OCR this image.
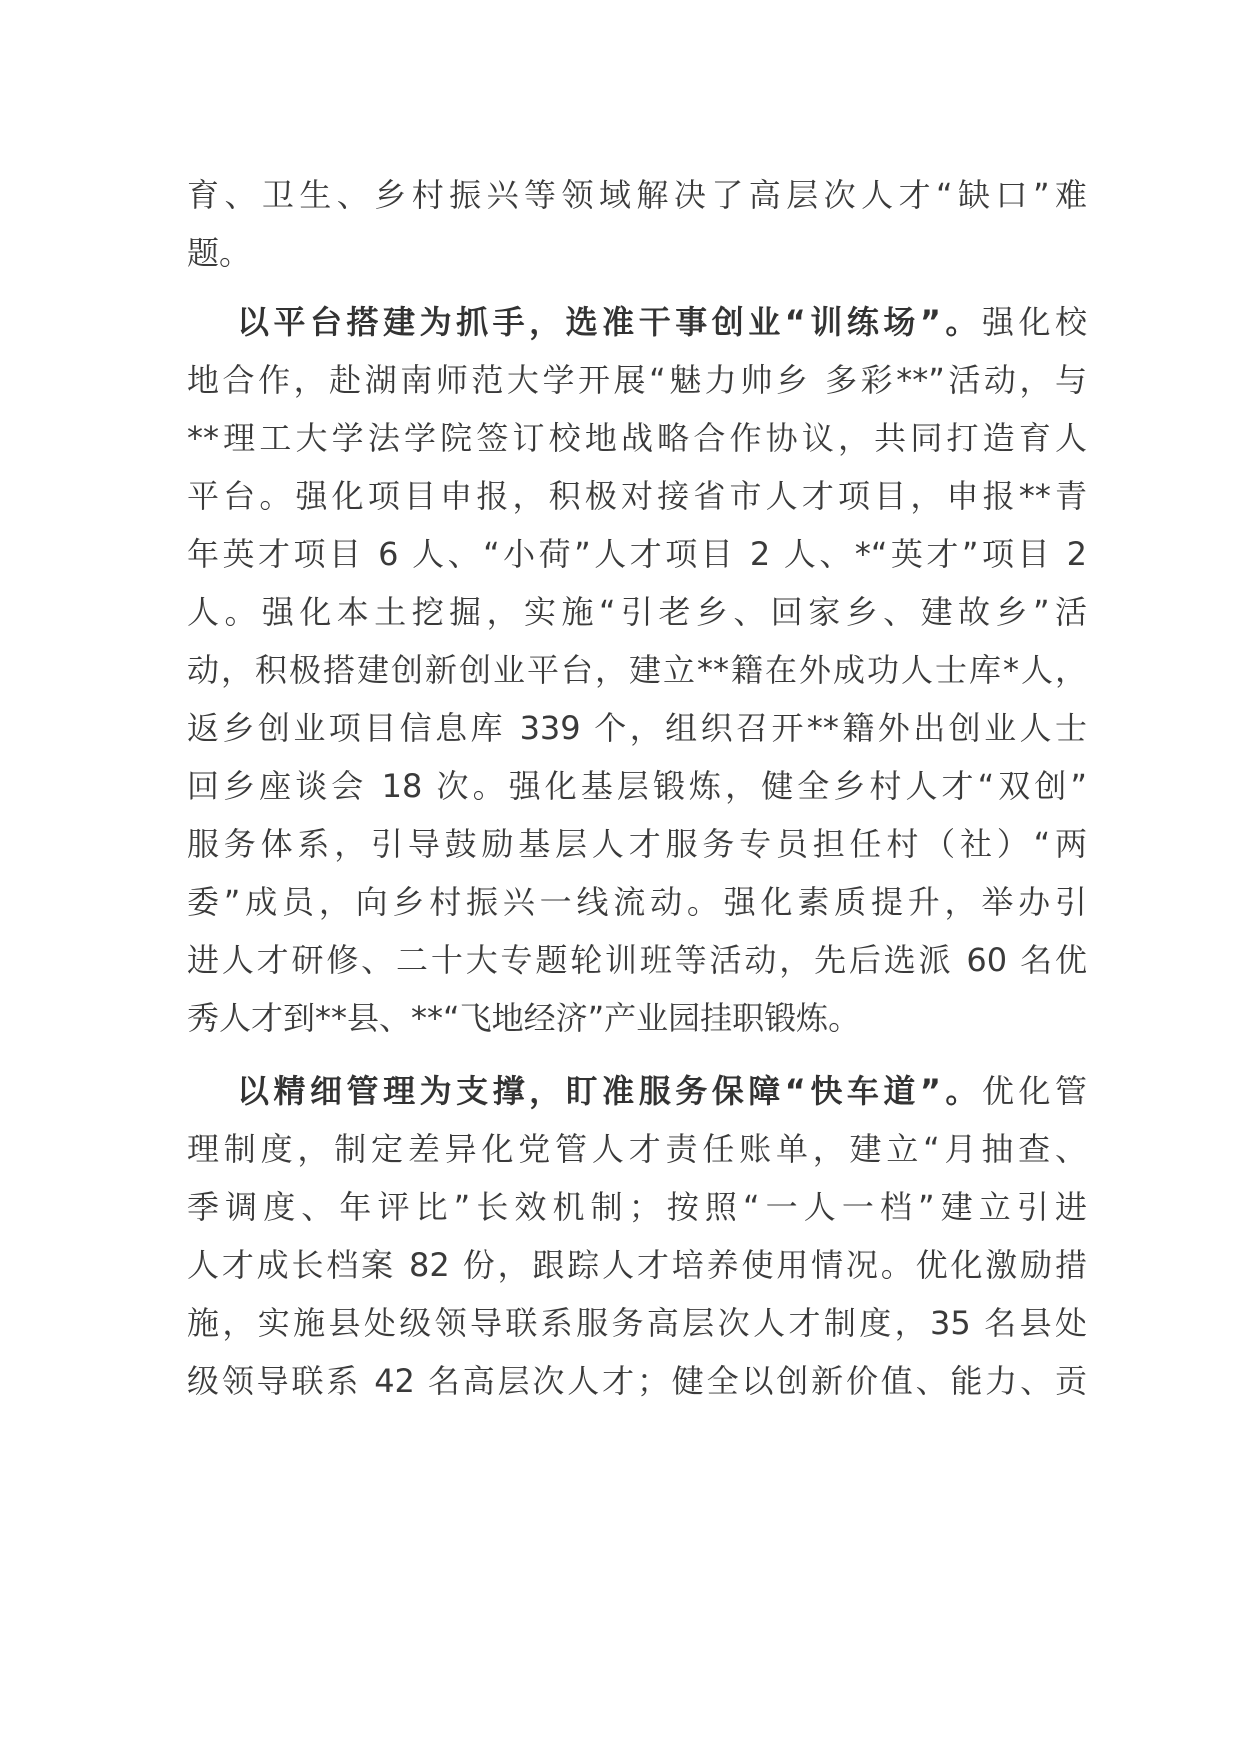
育、卫生、乡村振兴等领域解决了高层次人才“缺口”难
题。
以平台搭建为抓手，选准干事创业“训练场”。强化校
地合作，赴湖南师范大学开展“魅力帅乡 多彩**”活动，与
**理工大学法学院签订校地战略合作协议，共同打造育人
平台。强化项目申报，积极对接省市人才项目，申报**青
年英才项目 6 人、“小荷”人才项目 2 人、*“英才”项目 2
人。强化本土挖掘，实施“引老乡、回家乡、建故乡”活
动，积极搭建创新创业平台，建立**籍在外成功人士库*人，
返乡创业项目信息库 339 个，组织召开**籍外出创业人士
回乡座谈会 18 次。强化基层锻炼，健全乡村人才“双创”
服务体系，引导鼓励基层人才服务专员担任村（社）“两
委”成员，向乡村振兴一线流动。强化素质提升，举办引
进人才研修、二十大专题轮训班等活动，先后选派 60 名优
秀人才到**县、**“飞地经济”产业园挂职锻炼。
以精细管理为支撑，盯准服务保障“快车道”。优化管
理制度，制定差异化党管人才责任账单，建立“月抽查、
季调度、年评比”长效机制；按照“一人一档”建立引进
人才成长档案 82 份，跟踪人才培养使用情况。优化激励措
施，实施县处级领导联系服务高层次人才制度，35 名县处
级领导联系 42 名高层次人才；健全以创新价值、能力、贡
